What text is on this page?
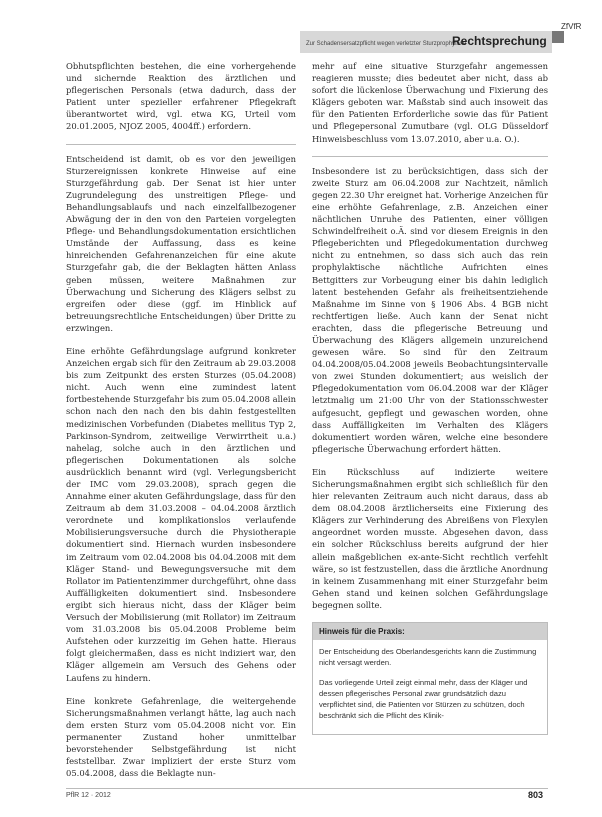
ZfVfR
Zur Schadensersatzpflicht wegen verletzter Sturzprophylaxe
Rechtsprechung

Obhutspflichten bestehen, die eine vorhergehende und sichernde Reaktion des ärztlichen und pflegerischen Personals (etwa dadurch, dass der Patient unter spezieller erfahrener Pflegekraft überantwortet wird, vgl. etwa KG, Urteil vom 20.01.2005, NJOZ 2005, 4004ff.) erfordern.

Entscheidend ist damit, ob es vor den jeweiligen Sturzereignissen konkrete Hinweise auf eine Sturzgefährdung gab. Der Senat ist hier unter Zugrundelegung des unstreitigen Pflege- und Behandlungsablaufs und nach einzelfallbezogener Abwägung der in den von den Parteien vorgelegten Pflege- und Behandlungsdokumentation ersichtlichen Umstände der Auffassung, dass es keine hinreichenden Gefahrenanzeichen für eine akute Sturzgefahr gab, die der Beklagten hätten Anlass geben müssen, weitere Maßnahmen zur Überwachung und Sicherung des Klägers selbst zu ergreifen oder diese (ggf. im Hinblick auf betreuungsrechtliche Entscheidungen) über Dritte zu erzwingen.

Eine erhöhte Gefährdungslage aufgrund konkreter Anzeichen ergab sich für den Zeitraum ab 29.03.2008 bis zum Zeitpunkt des ersten Sturzes (05.04.2008) nicht. Auch wenn eine zumindest latent fortbestehende Sturzgefahr bis zum 05.04.2008 allein schon nach den nach den bis dahin festgestellten medizinischen Vorbefunden (Diabetes mellitus Typ 2, Parkinson-Syndrom, zeitweilige Verwirrtheit u.a.) nahelag, solche auch in den ärztlichen und pflegerischen Dokumentationen als solche ausdrücklich benannt wird (vgl. Verlegungsbericht der IMC vom 29.03.2008), sprach gegen die Annahme einer akuten Gefährdungslage, dass für den Zeitraum ab dem 31.03.2008 – 04.04.2008 ärztlich verordnete und komplikationslos verlaufende Mobilisierungsversuche durch die Physiotherapie dokumentiert sind. Hiernach wurden insbesondere im Zeitraum vom 02.04.2008 bis 04.04.2008 mit dem Kläger Stand- und Bewegungsversuche mit dem Rollator im Patientenzimmer durchgeführt, ohne dass Auffälligkeiten dokumentiert sind. Insbesondere ergibt sich hieraus nicht, dass der Kläger beim Versuch der Mobilisierung (mit Rollator) im Zeitraum vom 31.03.2008 bis 05.04.2008 Probleme beim Aufstehen oder kurzzeitig im Gehen hatte. Hieraus folgt gleichermaßen, dass es nicht indiziert war, den Kläger allgemein am Versuch des Gehens oder Laufens zu hindern.

Eine konkrete Gefahrenlage, die weitergehende Sicherungsmaßnahmen verlangt hätte, lag auch nach dem ersten Sturz vom 05.04.2008 nicht vor. Ein permanenter Zustand hoher unmittelbar bevorstehender Selbstgefährdung ist nicht feststellbar. Zwar impliziert der erste Sturz vom 05.04.2008, dass die Beklagte nun-

mehr auf eine situative Sturzgefahr angemessen reagieren musste; dies bedeutet aber nicht, dass ab sofort die lückenlose Überwachung und Fixierung des Klägers geboten war. Maßstab sind auch insoweit das für den Patienten Erforderliche sowie das für Patient und Pflegepersonal Zumutbare (vgl. OLG Düsseldorf Hinweisbeschluss vom 13.07.2010, aber u.a. O.).

Insbesondere ist zu berücksichtigen, dass sich der zweite Sturz am 06.04.2008 zur Nachtzeit, nämlich gegen 22.30 Uhr ereignet hat. Vorherige Anzeichen für eine erhöhte Gefahrenlage, z.B. Anzeichen einer nächtlichen Unruhe des Patienten, einer völligen Schwindelfreiheit o.Ä. sind vor diesem Ereignis in den Pflegeberichten und Pflegedokumentation durchweg nicht zu entnehmen, so dass sich auch das rein prophylaktische nächtliche Aufrichten eines Bettgitters zur Vorbeugung einer bis dahin lediglich latent bestehenden Gefahr als freiheitsentziehende Maßnahme im Sinne von § 1906 Abs. 4 BGB nicht rechtfertigen ließe. Auch kann der Senat nicht erachten, dass die pflegerische Betreuung und Überwachung des Klägers allgemein unzureichend gewesen wäre. So sind für den Zeitraum 04.04.2008/05.04.2008 jeweils Beobachtungsintervalle von zwei Stunden dokumentiert; aus weislich der Pflegedokumentation vom 06.04.2008 war der Kläger letztmalig um 21:00 Uhr von der Stationsschwester aufgesucht, gepflegt und gewaschen worden, ohne dass Auffälligkeiten im Verhalten des Klägers dokumentiert worden wären, welche eine besondere pflegerische Überwachung erfordert hätten.

Ein Rückschluss auf indizierte weitere Sicherungsmaßnahmen ergibt sich schließlich für den hier relevanten Zeitraum auch nicht daraus, dass ab dem 08.04.2008 ärztlicherseits eine Fixierung des Klägers zur Verhinderung des Abreißens von Flexylen angeordnet worden musste. Abgesehen davon, dass ein solcher Rückschluss bereits aufgrund der hier allein maßgeblichen ex-ante-Sicht rechtlich verfehlt wäre, so ist festzustellen, dass die ärztliche Anordnung in keinem Zusammenhang mit einer Sturzgefahr beim Gehen stand und keinen solchen Gefährdungslage begegnen sollte.

Hinweis für die Praxis:

Der Entscheidung des Oberlandesgerichts kann die Zustimmung nicht versagt werden.

Das vorliegende Urteil zeigt einmal mehr, dass der Kläger und dessen pflegerisches Personal zwar grundsätzlich dazu verpflichtet sind, die Patienten vor Stürzen zu schützen, doch beschränkt sich die Pflicht des Klinik-

PflR 12 · 2012	803
